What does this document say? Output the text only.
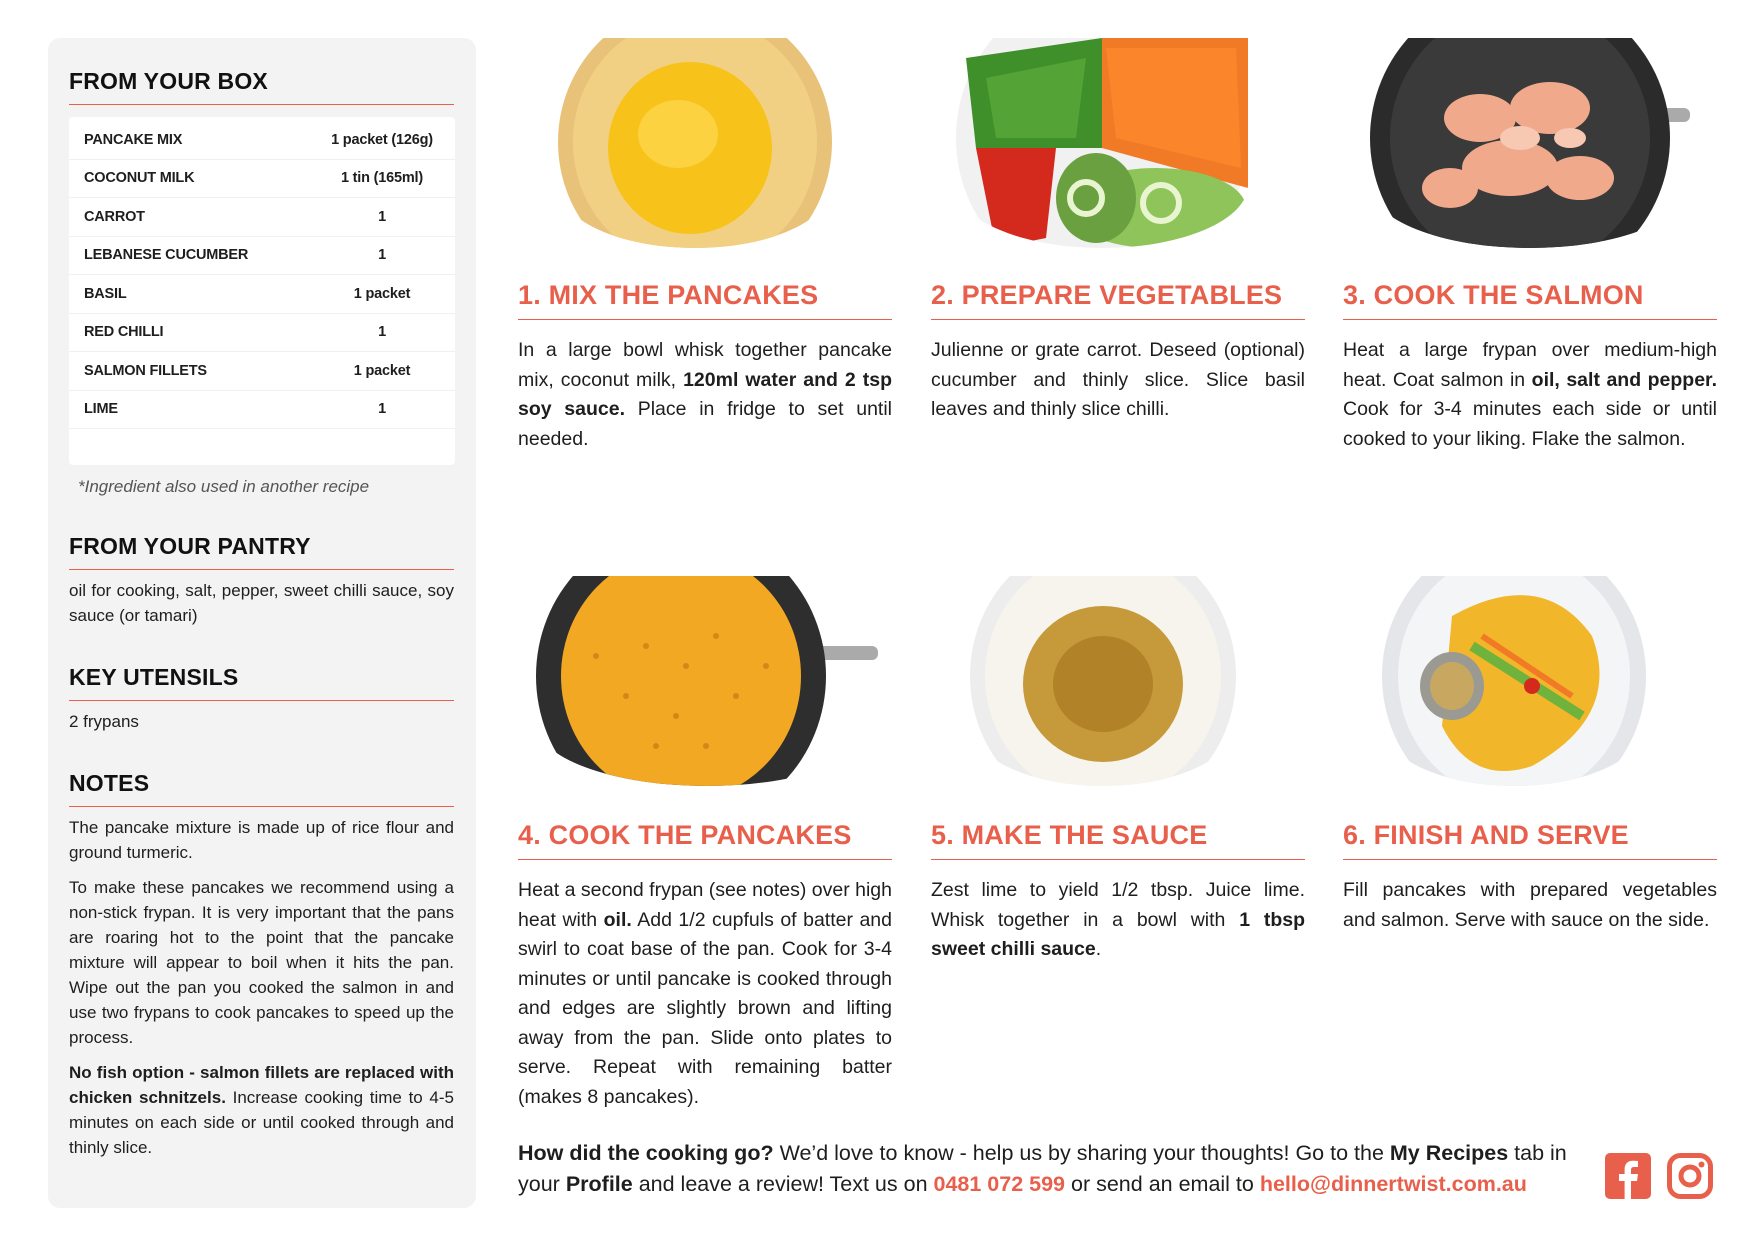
FROM YOUR BOX
PANCAKE MIX	1 packet (126g)
COCONUT MILK	1 tin (165ml)
CARROT	1
LEBANESE CUCUMBER	1
BASIL	1 packet
RED CHILLI	1
SALMON FILLETS	1 packet
LIME	1
*Ingredient also used in another recipe
FROM YOUR PANTRY

oil for cooking, salt, pepper, sweet chilli sauce, soy sauce (or tamari)

KEY UTENSILS

2 frypans

NOTES

The pancake mixture is made up of rice flour and ground turmeric.

To make these pancakes we recommend using a non-stick frypan. It is very important that the pans are roaring hot to the point that the pancake mixture will appear to boil when it hits the pan. Wipe out the pan you cooked the salmon in and use two frypans to cook pancakes to speed up the process.

No fish option - salmon fillets are replaced with chicken schnitzels. Increase cooking time to 4-5 minutes on each side or until cooked through and thinly slice.

1. MIX THE PANCAKES

In a large bowl whisk together pancake mix, coconut milk, 120ml water and 2 tsp soy sauce. Place in fridge to set until needed.

2. PREPARE VEGETABLES

Julienne or grate carrot. Deseed (optional) cucumber and thinly slice. Slice basil leaves and thinly slice chilli.

3. COOK THE SALMON

Heat a large frypan over medium-high heat. Coat salmon in oil, salt and pepper. Cook for 3-4 minutes each side or until cooked to your liking. Flake the salmon.

4. COOK THE PANCAKES

Heat a second frypan (see notes) over high heat with oil. Add 1/2 cupfuls of batter and swirl to coat base of the pan. Cook for 3-4 minutes or until pancake is cooked through and edges are slightly brown and lifting away from the pan. Slide onto plates to serve. Repeat with remaining batter (makes 8 pancakes).

5. MAKE THE SAUCE

Zest lime to yield 1/2 tbsp. Juice lime. Whisk together in a bowl with 1 tbsp sweet chilli sauce.

6. FINISH AND SERVE

Fill pancakes with prepared vegetables and salmon. Serve with sauce on the side.

How did the cooking go? We’d love to know - help us by sharing your thoughts! Go to the My Recipes tab in your Profile and leave a review! Text us on 0481 072 599 or send an email to hello@dinnertwist.com.au
